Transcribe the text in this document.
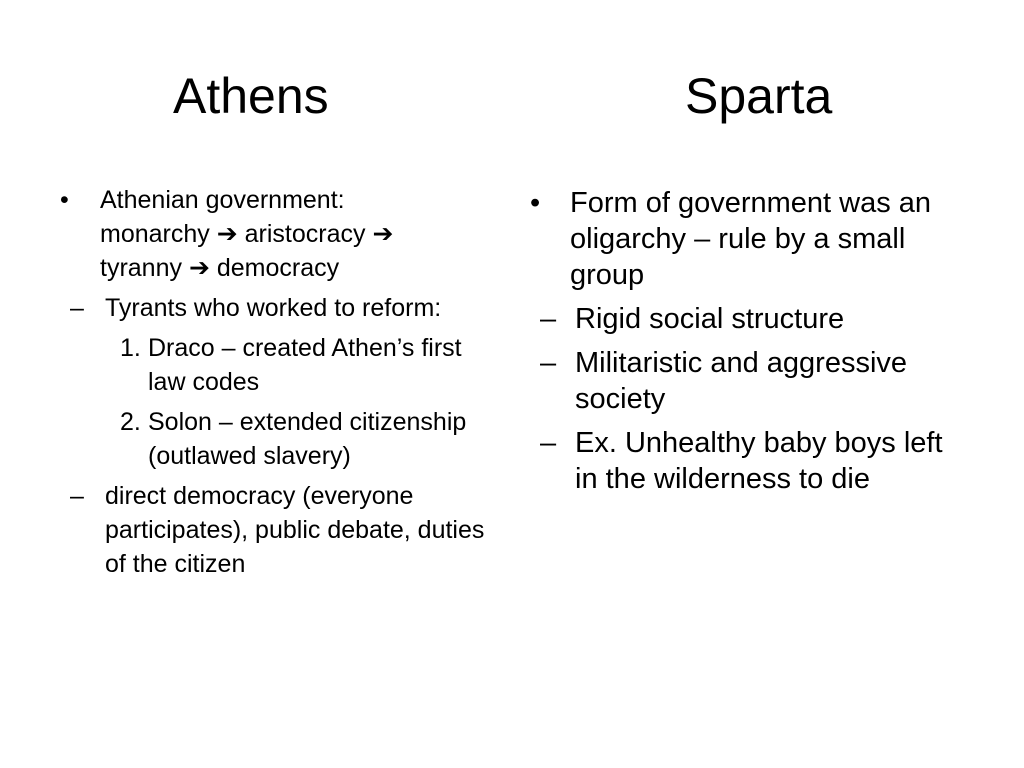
Athens	Sparta
• Athenian government:
monarchy ➔ aristocracy ➔
tyranny ➔ democracy
– Tyrants who worked to reform:
1. Draco – created Athen’s first law codes
2. Solon – extended citizenship (outlawed slavery)
– direct democracy (everyone participates), public debate, duties of the citizen
• Form of government was an oligarchy – rule by a small group
– Rigid social structure
– Militaristic and aggressive society
– Ex. Unhealthy baby boys left in the wilderness to die
